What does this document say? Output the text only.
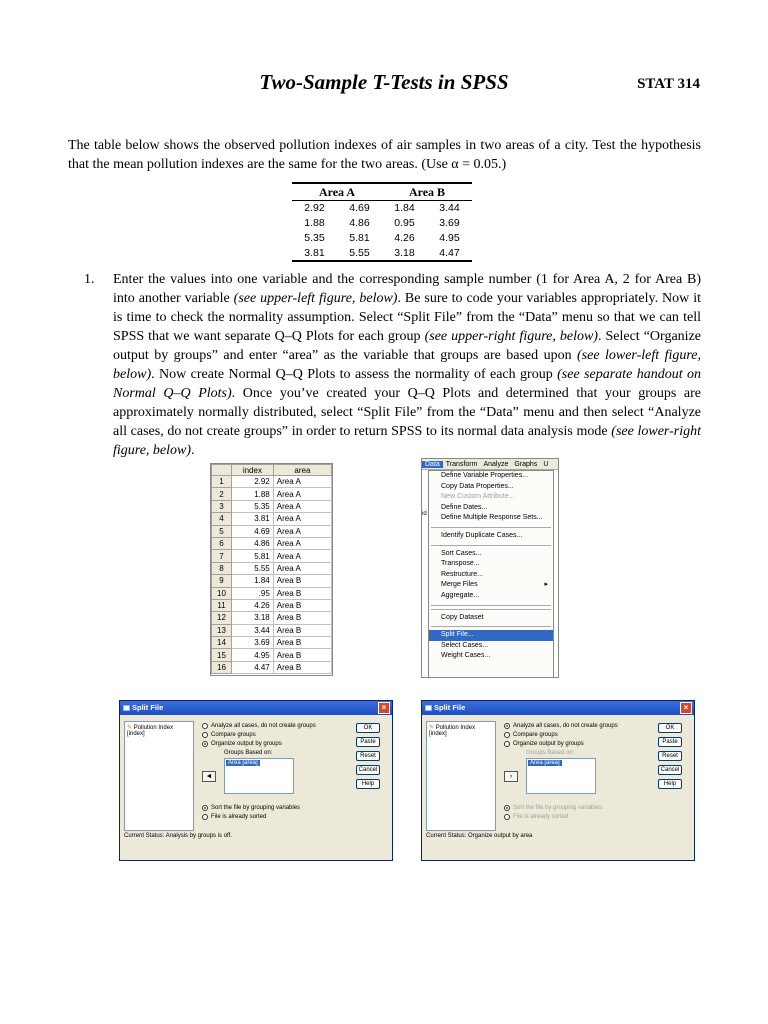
Two-Sample T-Tests in SPSS	STAT 314

The table below shows the observed pollution indexes of air samples in two areas of a city. Test the hypothesis that the mean pollution indexes are the same for the two areas. (Use α = 0.05.)

Area A		Area B	
2.92	4.69	1.84	3.44
1.88	4.86	0.95	3.69
5.35	5.81	4.26	4.95
3.81	5.55	3.18	4.47
1. Enter the values into one variable and the corresponding sample number (1 for Area A, 2 for Area B) into another variable (see upper-left figure, below). Be sure to code your variables appropriately. Now it is time to check the normality assumption. Select “Split File” from the “Data” menu so that we can tell SPSS that we want separate Q–Q Plots for each group (see upper-right figure, below). Select “Organize output by groups” and enter “area” as the variable that groups are based upon (see lower-left figure, below). Now create Normal Q–Q Plots to assess the normality of each group (see separate handout on Normal Q–Q Plots). Once you’ve created your Q–Q Plots and determined that your groups are approximately normally distributed, select “Split File” from the “Data” menu and then select “Analyze all cases, do not create groups” in order to return SPSS to its normal data analysis mode (see lower-right figure, below).

	index	area
1	2.92	Area A
2	1.88	Area A
3	5.35	Area A
4	3.81	Area A
5	4.69	Area A
6	4.86	Area A
7	5.81	Area A
8	5.55	Area A
9	1.84	Area B
10	.95	Area B
11	4.26	Area B
12	3.18	Area B
13	3.44	Area B
14	3.69	Area B
15	4.95	Area B
16	4.47	Area B
Data Transform Analyze Graphs U
id
Define Variable Properties...
Copy Data Properties...
New Custom Attribute...
Define Dates...
Define Multiple Response Sets...
Identify Duplicate Cases...
Sort Cases...
Transpose...
Restructure...
Merge Files	▸
Aggregate...
Copy Dataset
Split File...
Select Cases...
Weight Cases...
Split File	×
✎ Pollution Index [index]
Analyze all cases, do not create groups
Compare groups
Organize output by groups
Groups Based on:
Area [area]
◄
Sort the file by grouping variables
File is already sorted
OK
Paste
Reset
Cancel
Help
Current Status: Analysis by groups is off.
Split File	×
✎ Pollution Index [index]
Analyze all cases, do not create groups
Compare groups
Organize output by groups
Groups Based on:
Area [area]
›
Sort the file by grouping variables
File is already sorted
OK
Paste
Reset
Cancel
Help
Current Status: Organize output by area
